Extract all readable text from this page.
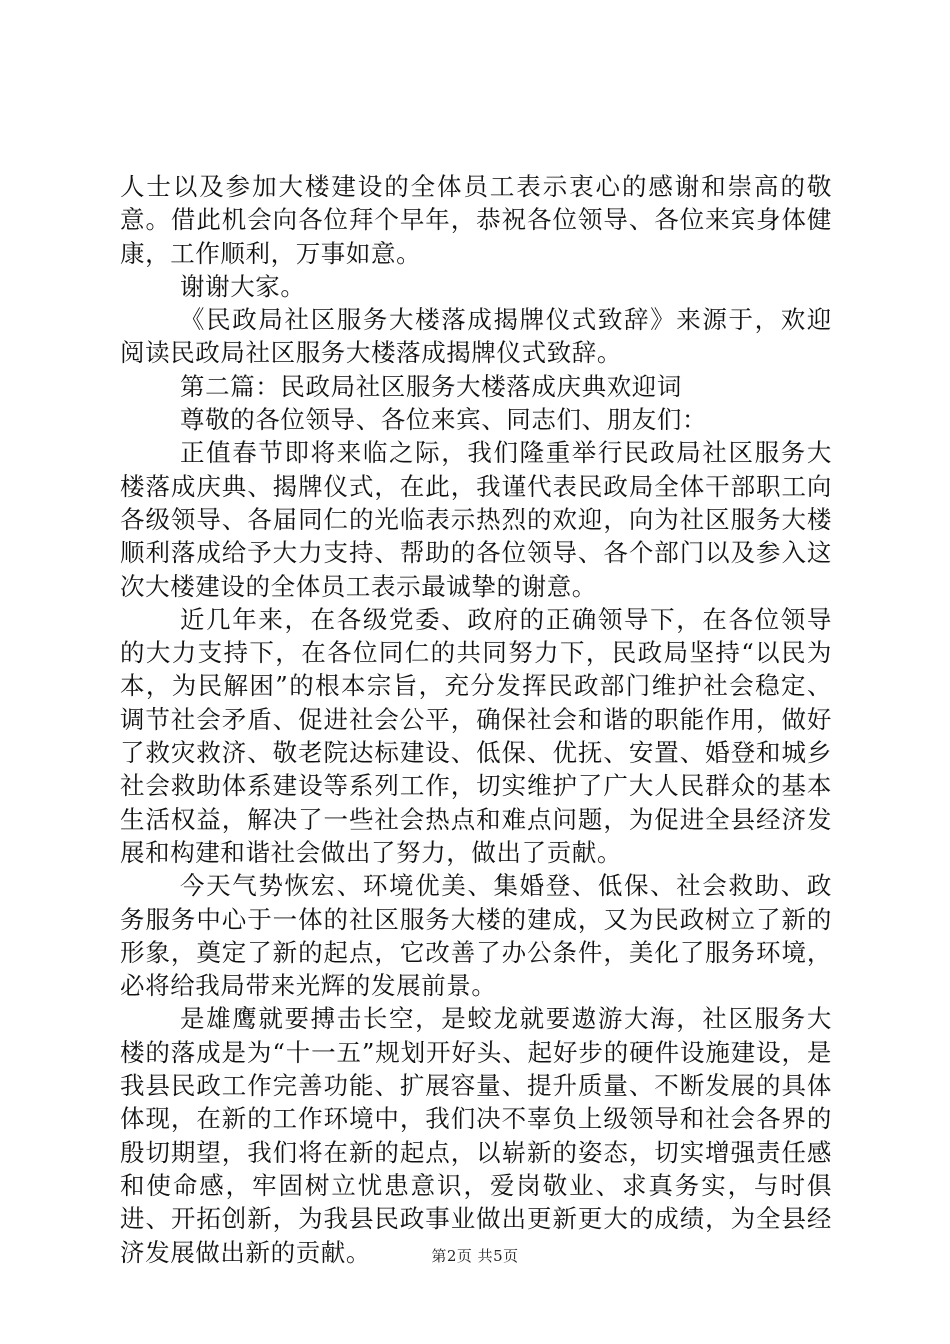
人士以及参加大楼建设的全体员工表示衷心的感谢和崇高的敬意。借此机会向各位拜个早年，恭祝各位领导、各位来宾身体健康，工作顺利，万事如意。

谢谢大家。

《民政局社区服务大楼落成揭牌仪式致辞》来源于，欢迎阅读民政局社区服务大楼落成揭牌仪式致辞。

第二篇：民政局社区服务大楼落成庆典欢迎词

尊敬的各位领导、各位来宾、同志们、朋友们：

正值春节即将来临之际，我们隆重举行民政局社区服务大楼落成庆典、揭牌仪式，在此，我谨代表民政局全体干部职工向各级领导、各届同仁的光临表示热烈的欢迎，向为社区服务大楼顺利落成给予大力支持、帮助的各位领导、各个部门以及参入这次大楼建设的全体员工表示最诚挚的谢意。

近几年来，在各级党委、政府的正确领导下，在各位领导的大力支持下，在各位同仁的共同努力下，民政局坚持“以民为本，为民解困”的根本宗旨，充分发挥民政部门维护社会稳定、调节社会矛盾、促进社会公平，确保社会和谐的职能作用，做好了救灾救济、敬老院达标建设、低保、优抚、安置、婚登和城乡社会救助体系建设等系列工作，切实维护了广大人民群众的基本生活权益，解决了一些社会热点和难点问题，为促进全县经济发展和构建和谐社会做出了努力，做出了贡献。

今天气势恢宏、环境优美、集婚登、低保、社会救助、政务服务中心于一体的社区服务大楼的建成，又为民政树立了新的形象，奠定了新的起点，它改善了办公条件，美化了服务环境，必将给我局带来光辉的发展前景。

是雄鹰就要搏击长空，是蛟龙就要遨游大海，社区服务大楼的落成是为“十一五”规划开好头、起好步的硬件设施建设，是我县民政工作完善功能、扩展容量、提升质量、不断发展的具体体现，在新的工作环境中，我们决不辜负上级领导和社会各界的殷切期望，我们将在新的起点，以崭新的姿态，切实增强责任感和使命感，牢固树立忧患意识，爱岗敬业、求真务实，与时俱进、开拓创新，为我县民政事业做出更新更大的成绩，为全县经济发展做出新的贡献。	第2页 共5页
